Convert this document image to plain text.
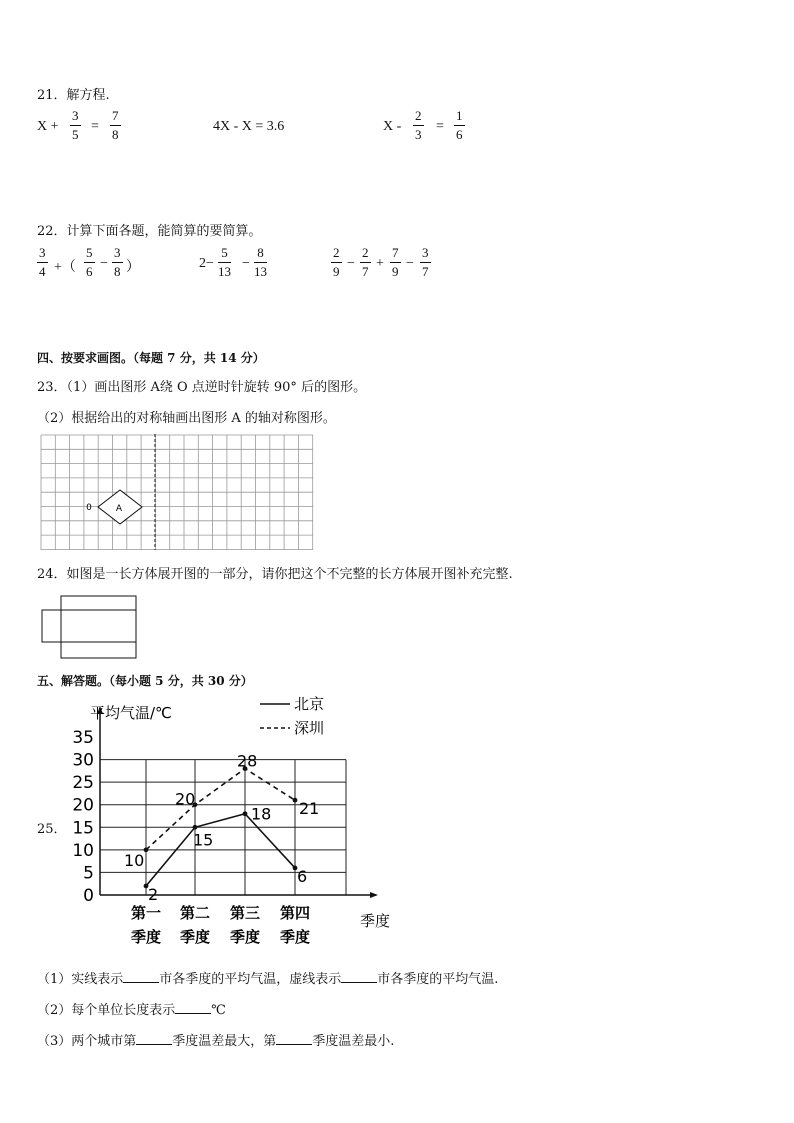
21．解方程.
$X + \frac{3}{5} = \frac{7}{8}$	4X - X = 3.6	$X - \frac{2}{3} = \frac{1}{6}$
22．计算下面各题，能简算的要简算。
$\frac{3}{4}$ +（ $\frac{5}{6} - \frac{3}{8}$ ）	$2- \frac{5}{13} - \frac{8}{13}$	$\frac{2}{9} - \frac{2}{7} + \frac{7}{9} - \frac{3}{7}$
四、按要求画图。（每题 7 分，共 14 分）
23．（1）画出图形 A绕 O 点逆时针旋转 90° 后的图形。
（2）根据给出的对称轴画出图形 A 的轴对称图形。
A
0
24．如图是一长方体展开图的一部分，请你把这个不完整的长方体展开图补充完整.
五、解答题。（每小题 5 分，共 30 分）
25．
0
5
10
15
20
25
30
35
第一
季度
第二
季度
第三
季度
第四
季度
2
15
18
6
10
20
28
21
平均气温/℃
季度
北京
深圳
（1）实线表示	市各季度的平均气温，虚线表示	市各季度的平均气温.
（2）每个单位长度表示	℃
（3）两个城市第	季度温差最大，第	季度温差最小.
